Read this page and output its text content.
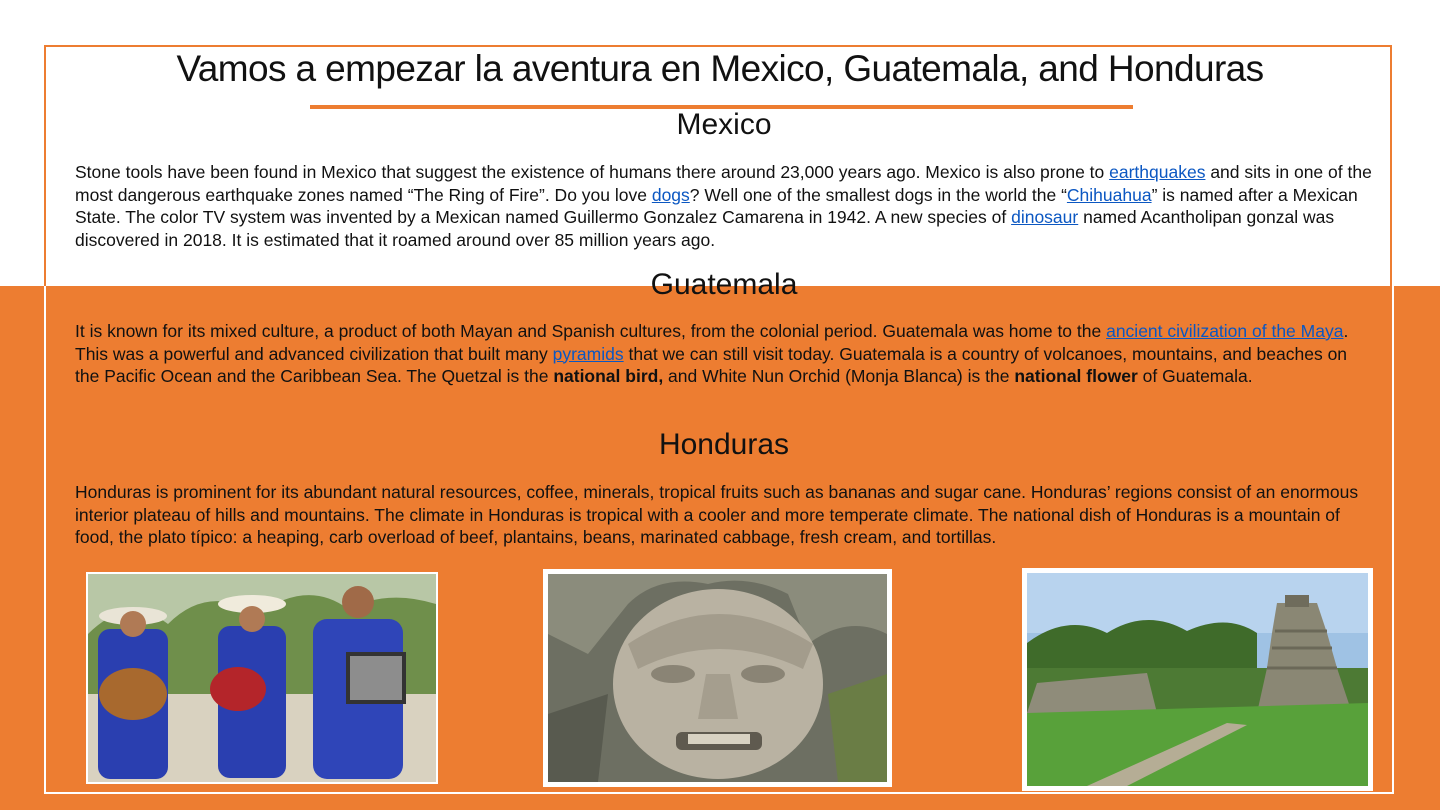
Vamos a empezar la aventura en Mexico, Guatemala, and Honduras
Mexico
Stone tools have been found in Mexico that suggest the existence of humans there around 23,000 years ago. Mexico is also prone to earthquakes and sits in one of the most dangerous earthquake zones named “The Ring of Fire”. Do you love dogs? Well one of the smallest dogs in the world the “Chihuahua” is named after a Mexican State. The color TV system was invented by a Mexican named Guillermo Gonzalez Camarena in 1942. A new species of dinosaur named Acantholipan gonzal was discovered in 2018. It is estimated that it roamed around over 85 million years ago.
Guatemala
It is known for its mixed culture, a product of both Mayan and Spanish cultures, from the colonial period. Guatemala was home to the ancient civilization of the Maya. This was a powerful and advanced civilization that built many pyramids that we can still visit today. Guatemala is a country of volcanoes, mountains, and beaches on the Pacific Ocean and the Caribbean Sea. The Quetzal is the national bird, and White Nun Orchid (Monja Blanca) is the national flower of Guatemala.
Honduras
Honduras is prominent for its abundant natural resources, coffee, minerals, tropical fruits such as bananas and sugar cane. Honduras’ regions consist of an enormous interior plateau of hills and mountains. The climate in Honduras is tropical with a cooler and more temperate climate. The national dish of Honduras is a mountain of food, the plato típico: a heaping, carb overload of beef, plantains, beans, marinated cabbage, fresh cream, and tortillas.
